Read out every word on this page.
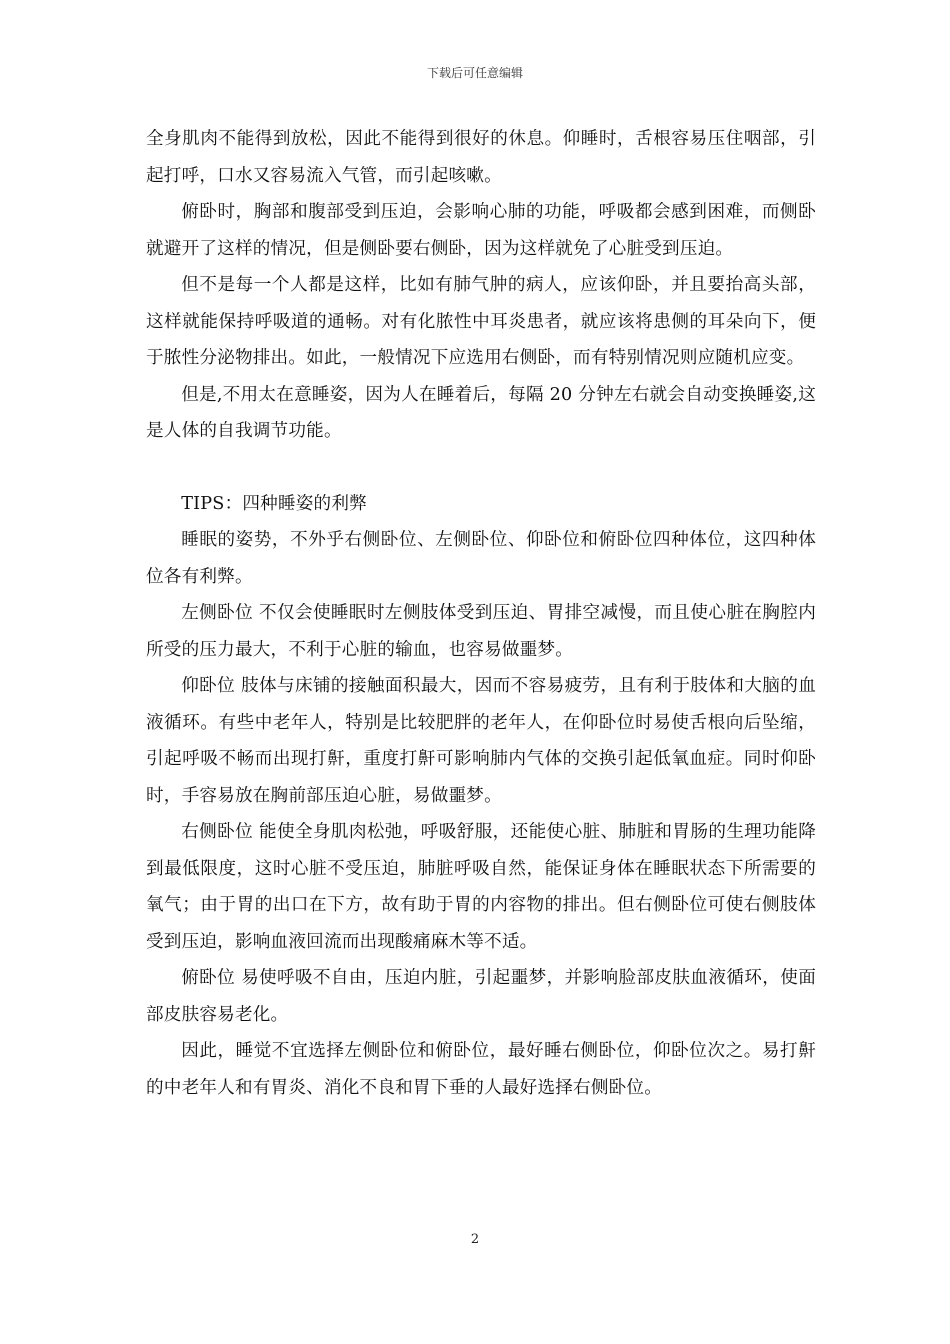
下载后可任意编辑

全身肌肉不能得到放松，因此不能得到很好的休息。仰睡时，舌根容易压住咽部，引起打呼，口水又容易流入气管，而引起咳嗽。

俯卧时，胸部和腹部受到压迫，会影响心肺的功能，呼吸都会感到困难，而侧卧就避开了这样的情况，但是侧卧要右侧卧，因为这样就免了心脏受到压迫。

但不是每一个人都是这样，比如有肺气肿的病人，应该仰卧，并且要抬高头部，这样就能保持呼吸道的通畅。对有化脓性中耳炎患者，就应该将患侧的耳朵向下，便于脓性分泌物排出。如此，一般情况下应选用右侧卧，而有特别情况则应随机应变。

但是,不用太在意睡姿，因为人在睡着后，每隔 20 分钟左右就会自动变换睡姿,这是人体的自我调节功能。

TIPS：四种睡姿的利弊

睡眠的姿势，不外乎右侧卧位、左侧卧位、仰卧位和俯卧位四种体位，这四种体位各有利弊。

左侧卧位 不仅会使睡眠时左侧肢体受到压迫、胃排空减慢，而且使心脏在胸腔内所受的压力最大，不利于心脏的输血，也容易做噩梦。

仰卧位 肢体与床铺的接触面积最大，因而不容易疲劳，且有利于肢体和大脑的血液循环。有些中老年人，特别是比较肥胖的老年人，在仰卧位时易使舌根向后坠缩，引起呼吸不畅而出现打鼾，重度打鼾可影响肺内气体的交换引起低氧血症。同时仰卧时，手容易放在胸前部压迫心脏，易做噩梦。

右侧卧位 能使全身肌肉松弛，呼吸舒服，还能使心脏、肺脏和胃肠的生理功能降到最低限度，这时心脏不受压迫，肺脏呼吸自然，能保证身体在睡眠状态下所需要的氧气；由于胃的出口在下方，故有助于胃的内容物的排出。但右侧卧位可使右侧肢体受到压迫，影响血液回流而出现酸痛麻木等不适。

俯卧位 易使呼吸不自由，压迫内脏，引起噩梦，并影响脸部皮肤血液循环，使面部皮肤容易老化。

因此，睡觉不宜选择左侧卧位和俯卧位，最好睡右侧卧位，仰卧位次之。易打鼾的中老年人和有胃炎、消化不良和胃下垂的人最好选择右侧卧位。

2
